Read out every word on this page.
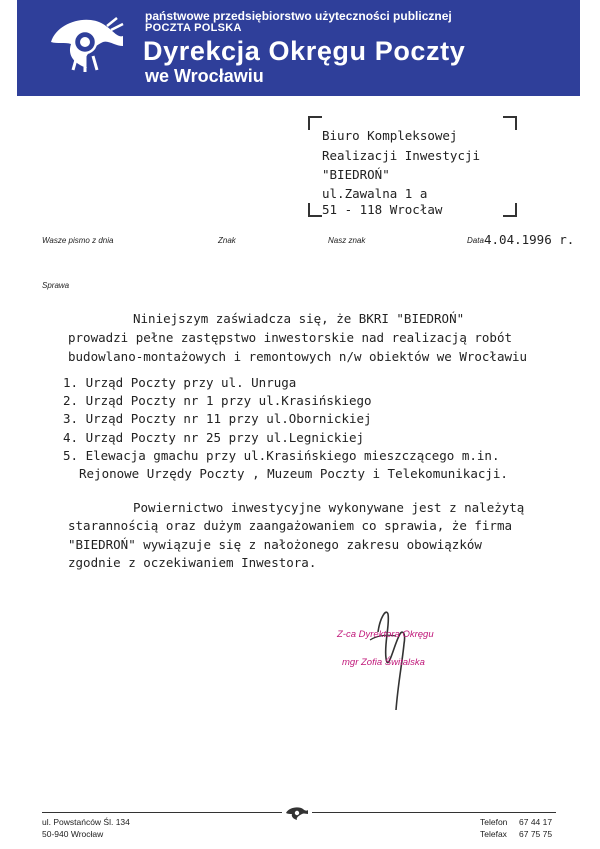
państwowe przedsiębiorstwo użyteczności publicznej
POCZTA POLSKA
Dyrekcja Okręgu Poczty
we Wrocławiu
Biuro Kompleksowej
Realizacji Inwestycji
"BIEDROŃ"
ul.Zawalna 1 a
51 - 118 Wrocław
Wasze pismo z dnia	Znak	Nasz znak	Data 4.04.1996 r.
Sprawa
Niniejszym zaświadcza się, że BKRI "BIEDROŃ"
prowadzi pełne zastępstwo inwestorskie nad realizacją robót
budowlano-montażowych i remontowych n/w obiektów we Wrocławiu
1. Urząd Poczty przy ul. Unruga
2. Urząd Poczty nr 1 przy ul.Krasińskiego
3. Urząd Poczty nr 11 przy ul.Obornickiej
4. Urząd Poczty nr 25 przy ul.Legnickiej
5. Elewacja gmachu przy ul.Krasińskiego mieszczącego m.in.
Rejonowe Urzędy Poczty , Muzeum Poczty i Telekomunikacji.
Powiernictwo inwestycyjne wykonywane jest z należytą
starannością oraz dużym zaangażowaniem co sprawia, że firma
"BIEDROŃ" wywiązuje się z nałożonego zakresu obowiązków
zgodnie z oczekiwaniem Inwestora.
Z-ca Dyrektora Okręgu
mgr Zofia Świtalska
ul. Powstańców Śl. 134
50-940 Wrocław
Telefon 67 44 17
Telefax 67 75 75
